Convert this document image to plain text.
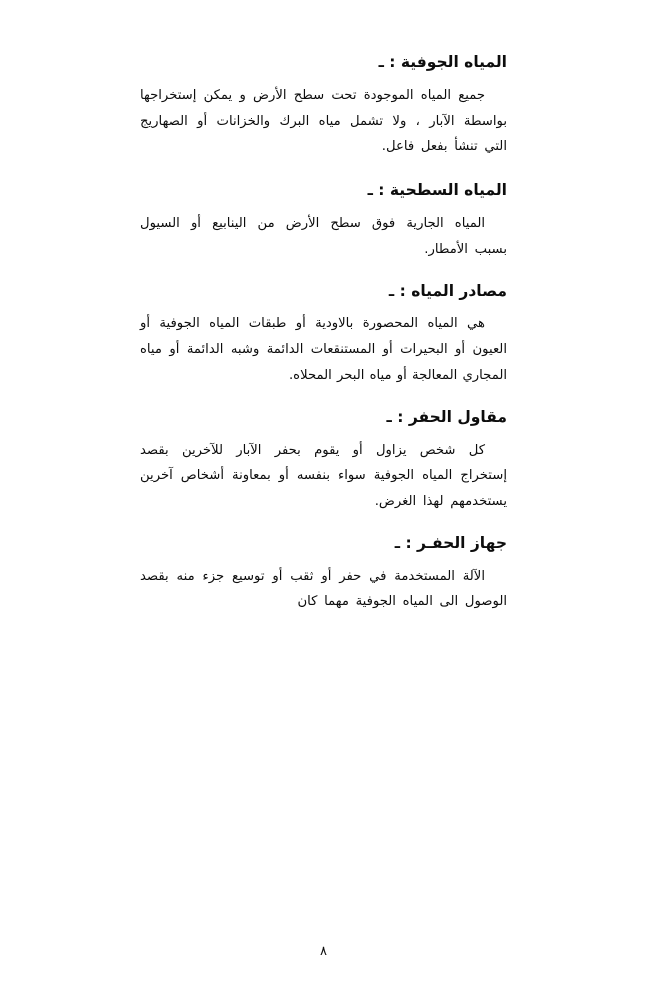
المياه الجوفية : ـ

جميع المياه الموجودة تحت سطح الأرض و يمكن إستخراجها بواسطة الآبار ، ولا تشمل مياه البرك والخزانات أو الصهاريج التي تنشأ بفعل فاعل.

المياه السطحية : ـ

المياه الجارية فوق سطح الأرض من الينابيع أو السيول بسبب الأمطار.

مصادر المياه : ـ

هي المياه المحصورة بالاودية أو طبقات المياه الجوفية أو العيون أو البحيرات أو المستنقعات الدائمة وشبه الدائمة أو مياه المجاري المعالجة أو مياه البحر المحلاه.

مقاول الحفر : ـ

كل شخص يزاول أو يقوم بحفر الآبار للآخرين بقصد إستخراج المياه الجوفية سواء بنفسه أو بمعاونة أشخاص آخرين يستخدمهم لهذا الغرض.

جهاز الحفـر : ـ

الآلة المستخدمة في حفر أو ثقب أو توسيع جزء منه بقصد الوصول الى المياه الجوفية مهما كان

٨
